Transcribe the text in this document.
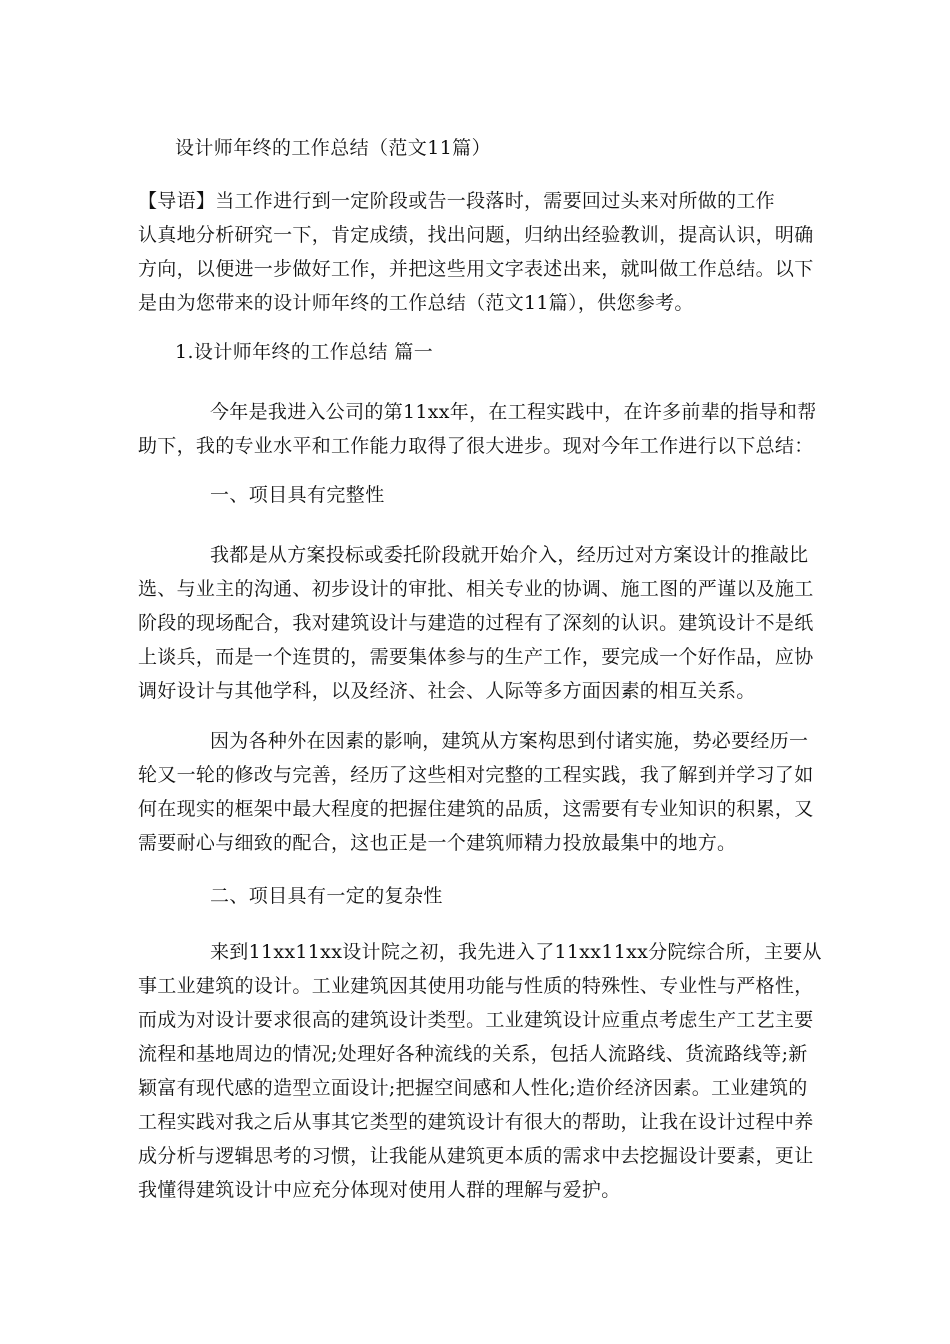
设计师年终的工作总结（范文11篇）
【导语】当工作进行到一定阶段或告一段落时，需要回过头来对所做的工作
认真地分析研究一下，肯定成绩，找出问题，归纳出经验教训，提高认识，明确
方向，以便进一步做好工作，并把这些用文字表述出来，就叫做工作总结。以下
是由为您带来的设计师年终的工作总结（范文11篇），供您参考。
1.设计师年终的工作总结 篇一
今年是我进入公司的第11xx年，在工程实践中，在许多前辈的指导和帮
助下，我的专业水平和工作能力取得了很大进步。现对今年工作进行以下总结：
一、项目具有完整性
我都是从方案投标或委托阶段就开始介入，经历过对方案设计的推敲比
选、与业主的沟通、初步设计的审批、相关专业的协调、施工图的严谨以及施工
阶段的现场配合，我对建筑设计与建造的过程有了深刻的认识。建筑设计不是纸
上谈兵，而是一个连贯的，需要集体参与的生产工作，要完成一个好作品，应协
调好设计与其他学科，以及经济、社会、人际等多方面因素的相互关系。
因为各种外在因素的影响，建筑从方案构思到付诸实施，势必要经历一
轮又一轮的修改与完善，经历了这些相对完整的工程实践，我了解到并学习了如
何在现实的框架中最大程度的把握住建筑的品质，这需要有专业知识的积累，又
需要耐心与细致的配合，这也正是一个建筑师精力投放最集中的地方。
二、项目具有一定的复杂性
来到11xx11xx设计院之初，我先进入了11xx11xx分院综合所，主要从
事工业建筑的设计。工业建筑因其使用功能与性质的特殊性、专业性与严格性，
而成为对设计要求很高的建筑设计类型。工业建筑设计应重点考虑生产工艺主要
流程和基地周边的情况;处理好各种流线的关系，包括人流路线、货流路线等;新
颖富有现代感的造型立面设计;把握空间感和人性化;造价经济因素。工业建筑的
工程实践对我之后从事其它类型的建筑设计有很大的帮助，让我在设计过程中养
成分析与逻辑思考的习惯，让我能从建筑更本质的需求中去挖掘设计要素，更让
我懂得建筑设计中应充分体现对使用人群的理解与爱护。
